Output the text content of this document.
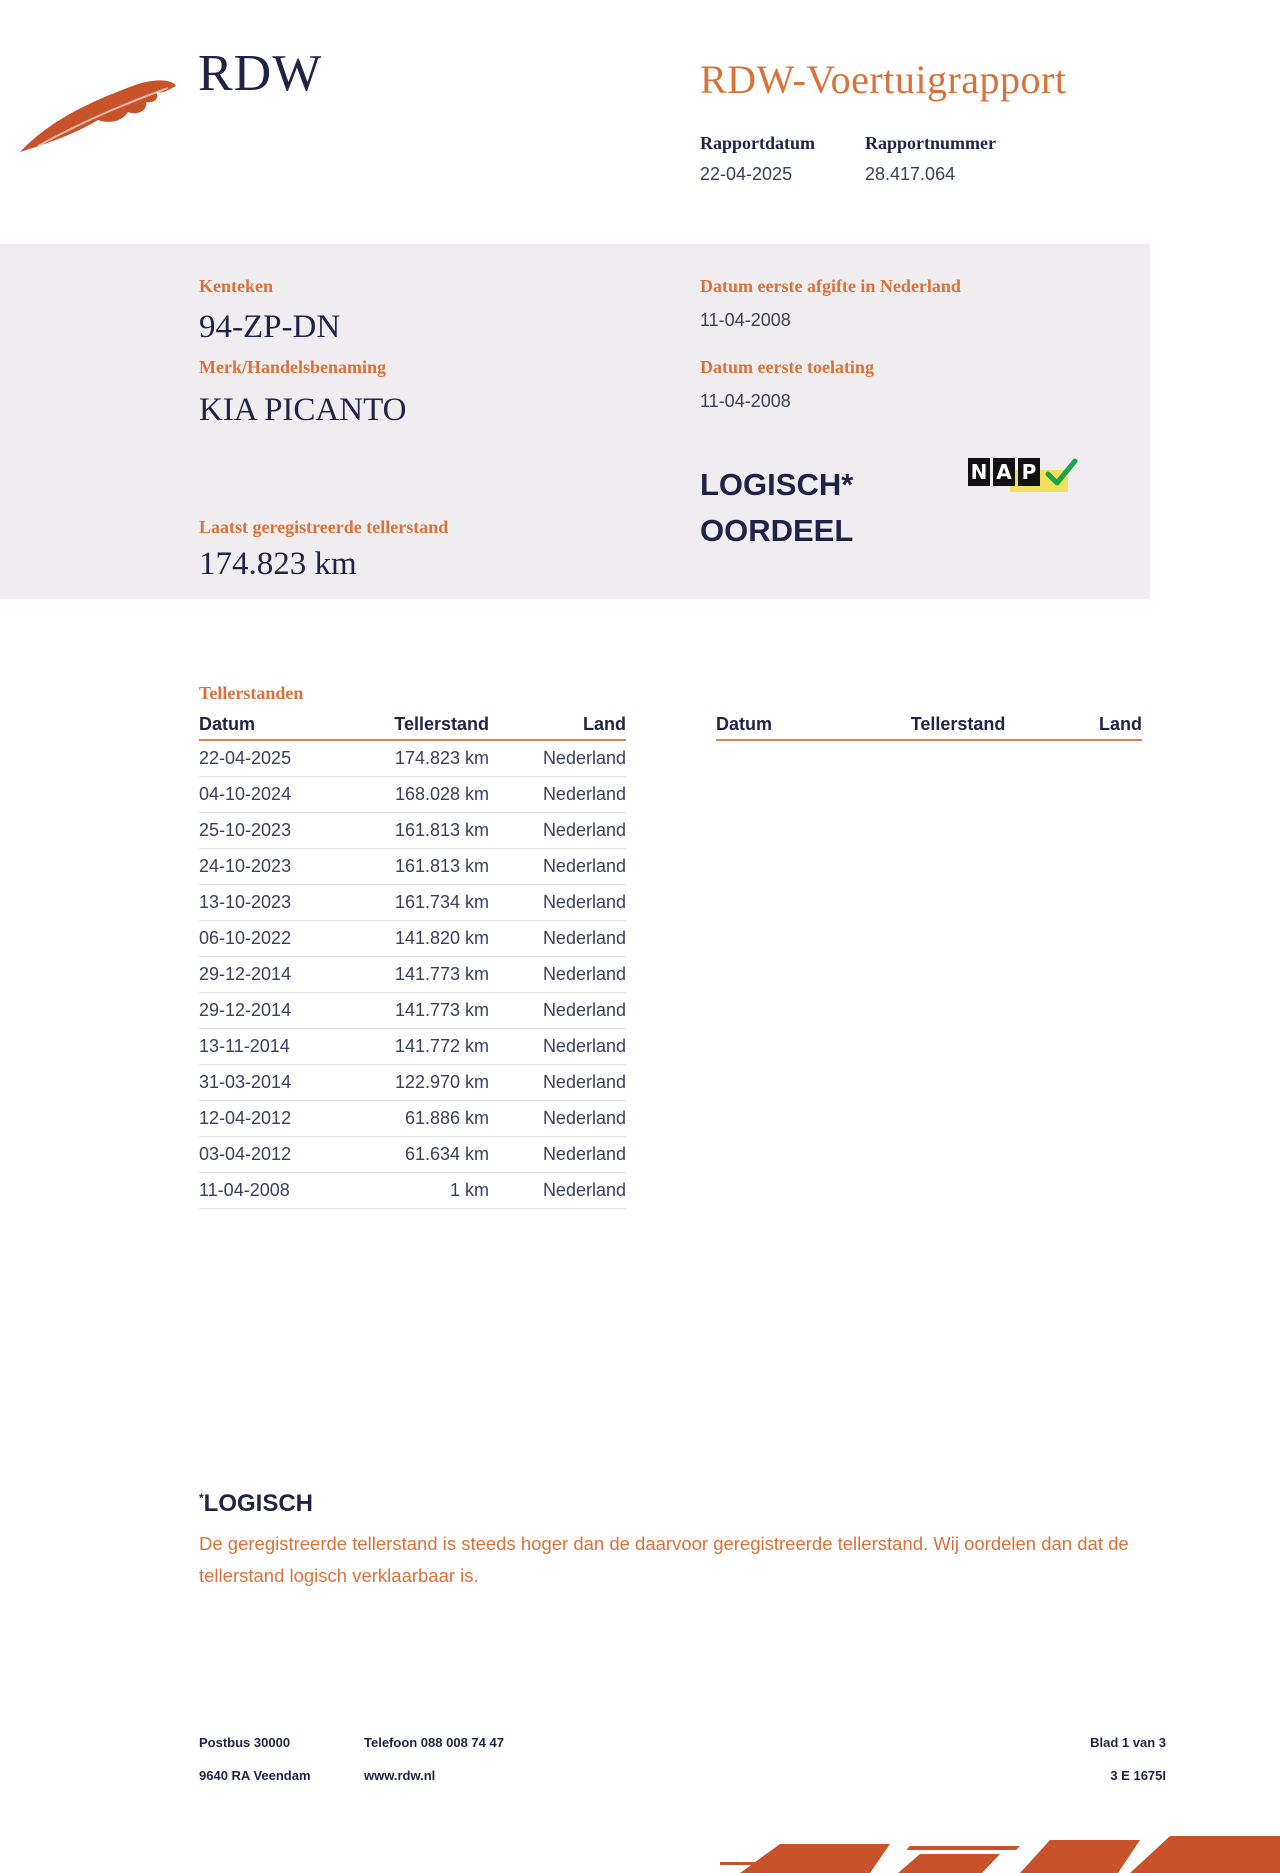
RDW	RDW-Voertuigrapport
Rapportdatum
22-04-2025
Rapportnummer
28.417.064
Kenteken
94-ZP-DN
Merk/Handelsbenaming
KIA PICANTO
Datum eerste afgifte in Nederland
11-04-2008
Datum eerste toelating
11-04-2008
LOGISCH*
OORDEEL
N A P
Laatst geregistreerde tellerstand
174.823 km
Tellerstanden
Datum	Tellerstand	Land
22-04-2025	174.823 km	Nederland
04-10-2024	168.028 km	Nederland
25-10-2023	161.813 km	Nederland
24-10-2023	161.813 km	Nederland
13-10-2023	161.734 km	Nederland
06-10-2022	141.820 km	Nederland
29-12-2014	141.773 km	Nederland
29-12-2014	141.773 km	Nederland
13-11-2014	141.772 km	Nederland
31-03-2014	122.970 km	Nederland
12-04-2012	61.886 km	Nederland
03-04-2012	61.634 km	Nederland
11-04-2008	1 km	Nederland
Datum	Tellerstand	Land
*LOGISCH
De geregistreerde tellerstand is steeds hoger dan de daarvoor geregistreerde tellerstand. Wij oordelen dan dat de tellerstand logisch verklaarbaar is.
Postbus 30000
9640 RA Veendam
Telefoon 088 008 74 47
www.rdw.nl
Blad 1 van 3
3 E 1675I
